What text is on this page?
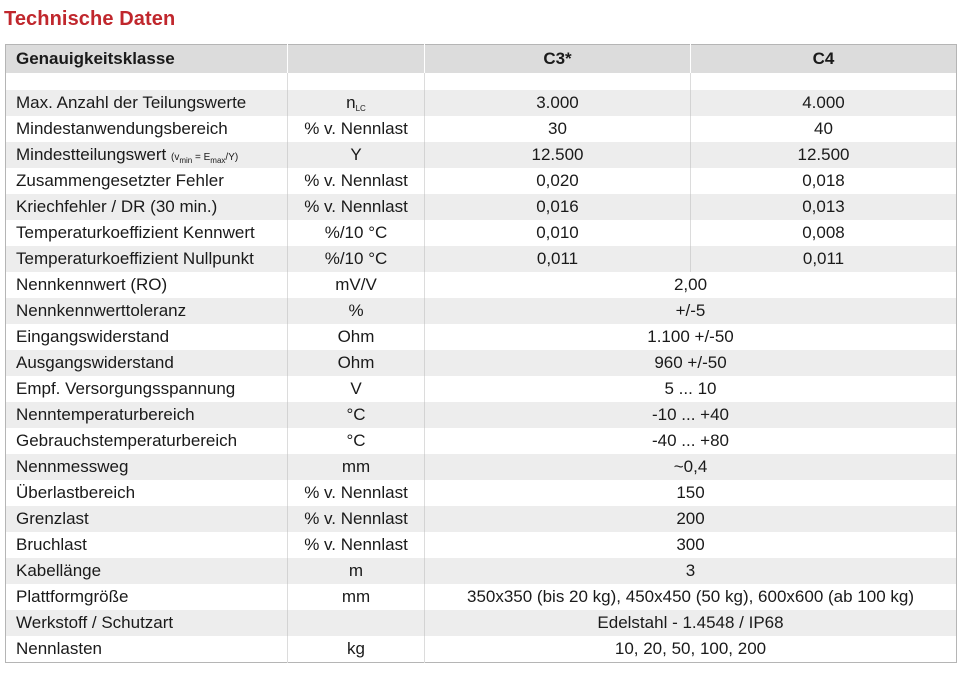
Technische Daten
Genauigkeitsklasse		C3*	C4

Max. Anzahl der Teilungswerte	nLC	3.000	4.000
Mindestanwendungsbereich	% v. Nennlast	30	40
Mindestteilungswert (vmin = Emax/Y)	Y	12.500	12.500
Zusammengesetzter Fehler	% v. Nennlast	0,020	0,018
Kriechfehler / DR (30 min.)	% v. Nennlast	0,016	0,013
Temperaturkoeffizient Kennwert	%/10 °C	0,010	0,008
Temperaturkoeffizient Nullpunkt	%/10 °C	0,011	0,011
Nennkennwert (RO)	mV/V	2,00	
Nennkennwerttoleranz	%	+/-5	
Eingangswiderstand	Ohm	1.100 +/-50	
Ausgangswiderstand	Ohm	960 +/-50	
Empf. Versorgungsspannung	V	5 ... 10	
Nenntemperaturbereich	°C	-10 ... +40	
Gebrauchstemperaturbereich	°C	-40 ... +80	
Nennmessweg	mm	~0,4	
Überlastbereich	% v. Nennlast	150	
Grenzlast	% v. Nennlast	200	
Bruchlast	% v. Nennlast	300	
Kabellänge	m	3	
Plattformgröße	mm	350x350 (bis 20 kg), 450x450 (50 kg), 600x600 (ab 100 kg)	
Werkstoff / Schutzart		Edelstahl - 1.4548 / IP68	
Nennlasten	kg	10, 20, 50, 100, 200	
